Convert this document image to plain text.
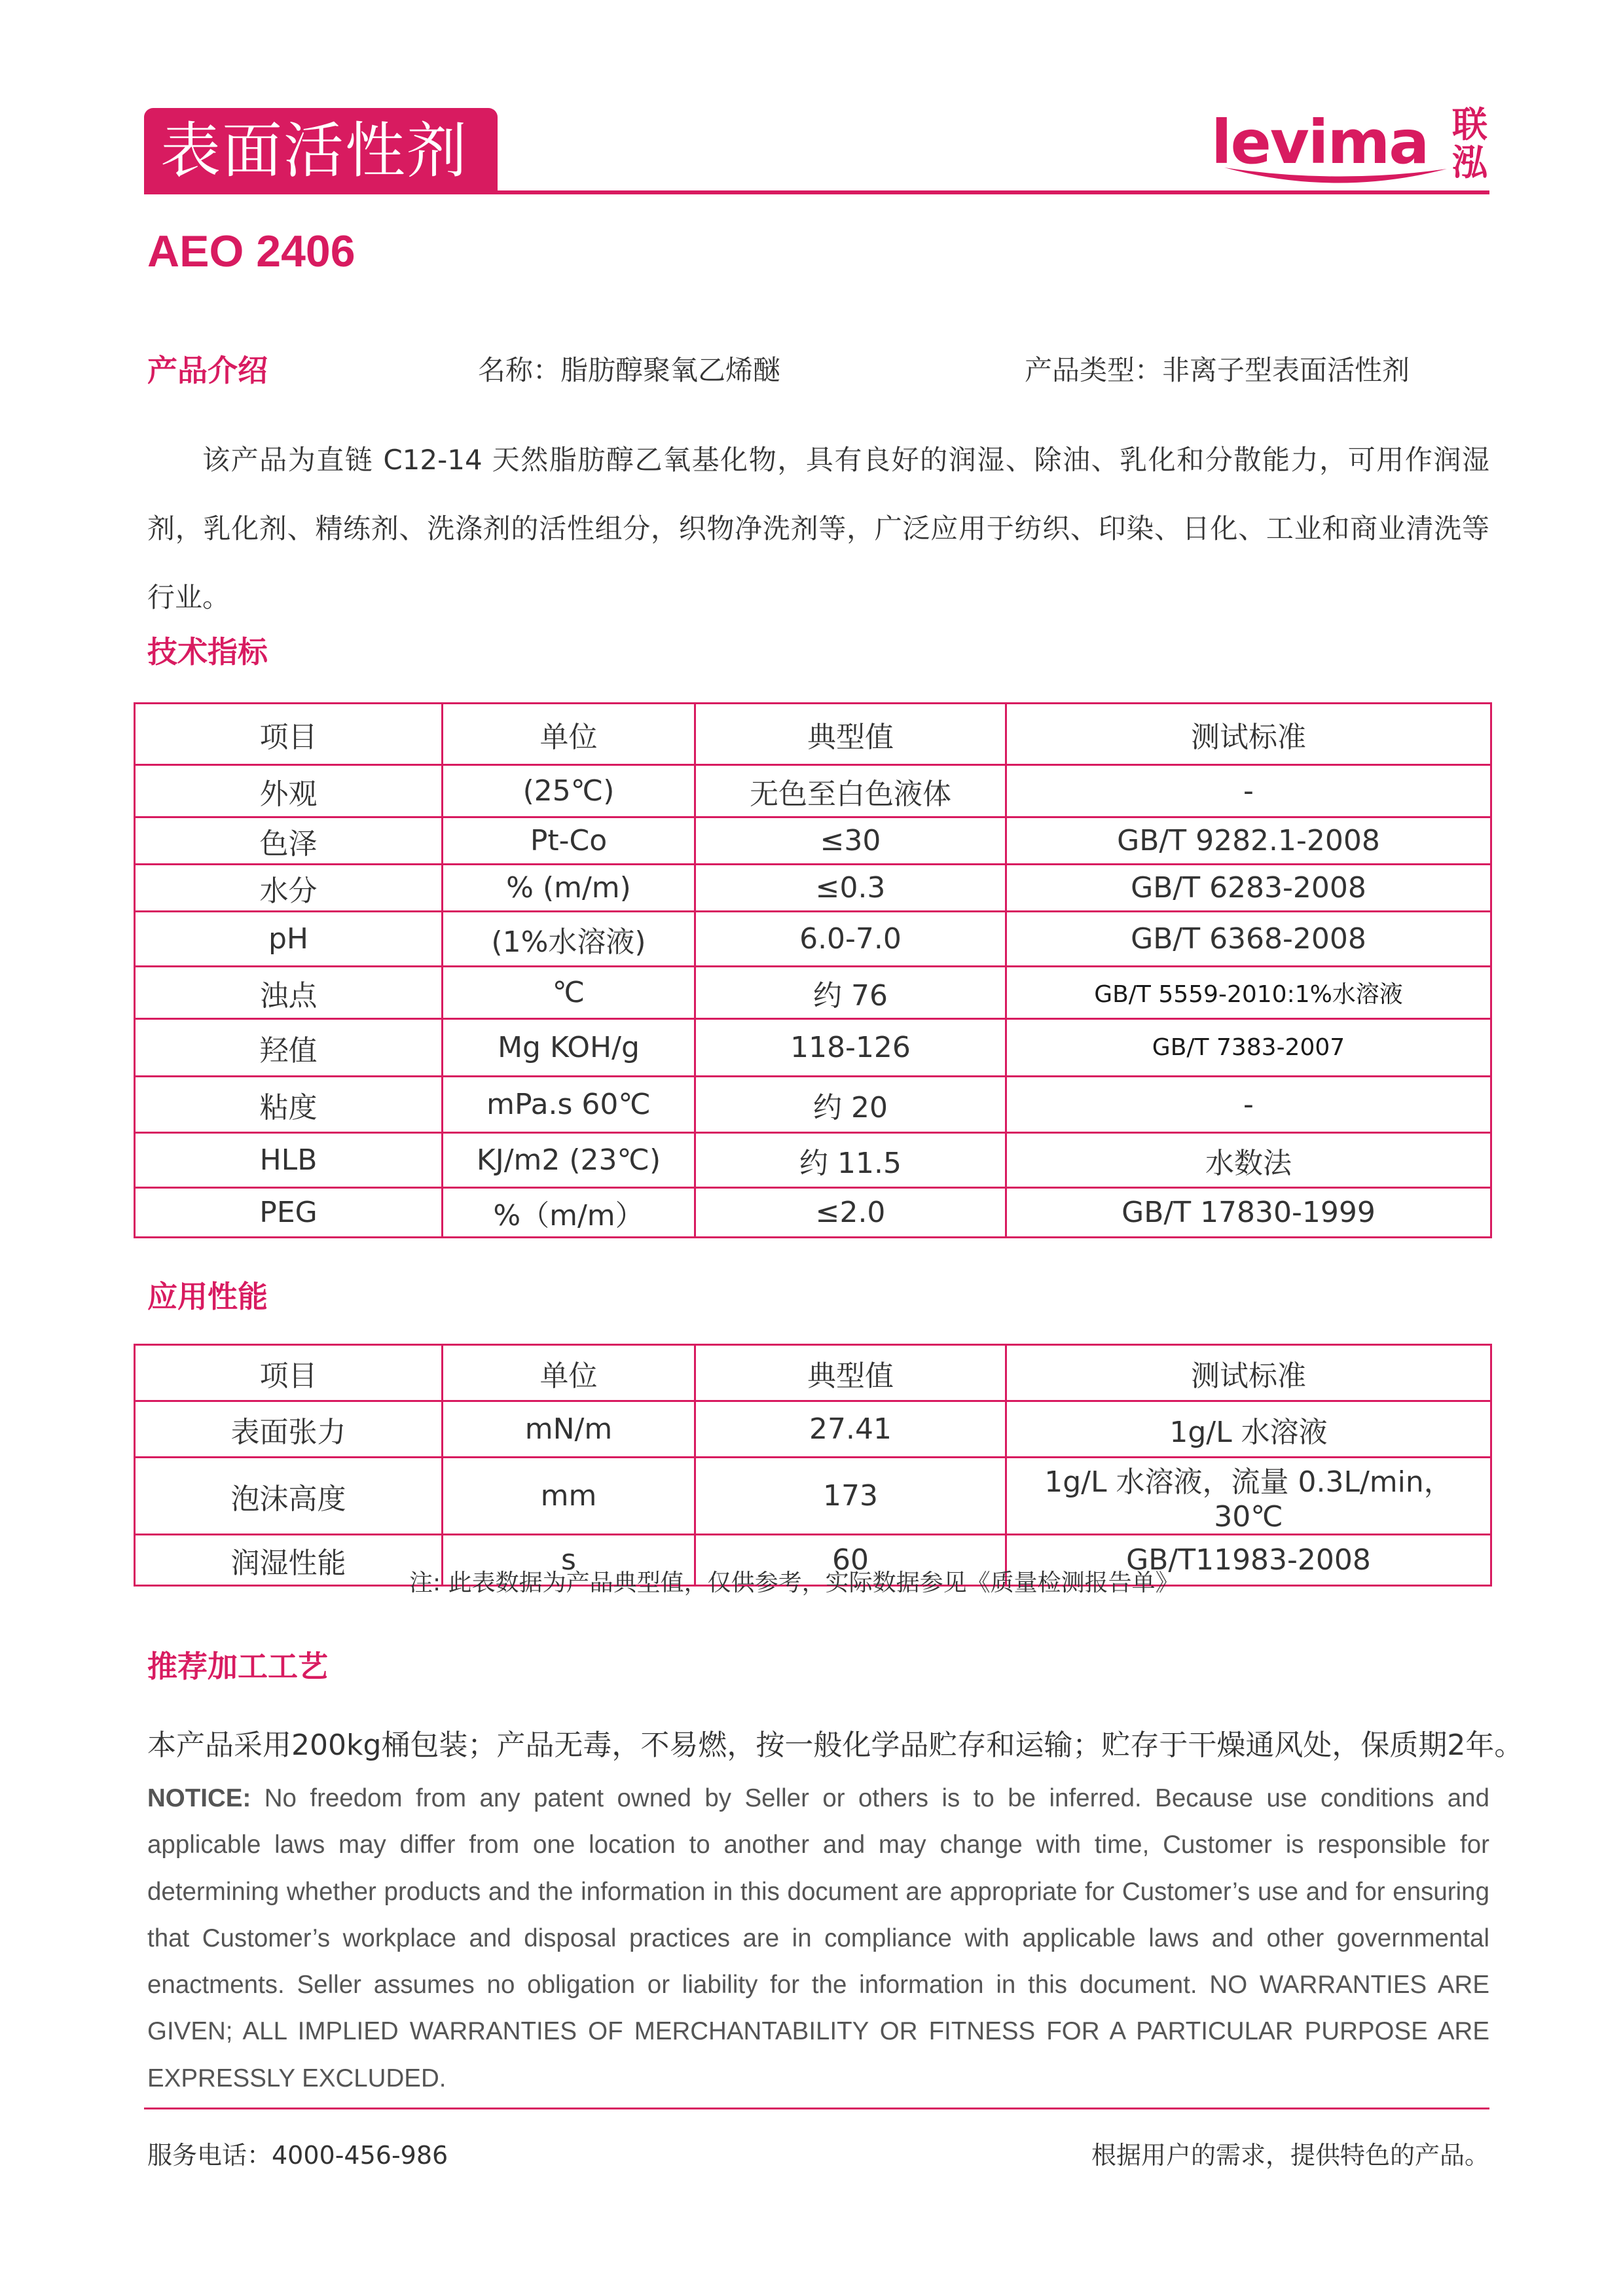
表面活性剂	levima 联泓
AEO 2406
产品介绍	名称：脂肪醇聚氧乙烯醚	产品类型：非离子型表面活性剂
该产品为直链 C12-14 天然脂肪醇乙氧基化物，具有良好的润湿、除油、乳化和分散能力，可用作润湿剂，乳化剂、精练剂、洗涤剂的活性组分，织物净洗剂等，广泛应用于纺织、印染、日化、工业和商业清洗等行业。
技术指标
项目	单位	典型值	测试标准
外观	(25℃)	无色至白色液体	-
色泽	Pt-Co	≤30	GB/T 9282.1-2008
水分	% (m/m)	≤0.3	GB/T 6283-2008
pH	(1%水溶液)	6.0-7.0	GB/T 6368-2008
浊点	℃	约 76	GB/T 5559-2010:1%水溶液
羟值	Mg KOH/g	118-126	GB/T 7383-2007
粘度	mPa.s 60℃	约 20	-
HLB	KJ/m2 (23℃)	约 11.5	水数法
PEG	%（m/m）	≤2.0	GB/T 17830-1999
应用性能
项目	单位	典型值	测试标准
表面张力	mN/m	27.41	1g/L 水溶液
泡沫高度	mm	173	1g/L 水溶液，流量 0.3L/min，30℃
润湿性能	s	60	GB/T11983-2008
注: 此表数据为产品典型值，仅供参考，实际数据参见《质量检测报告单》
推荐加工工艺
本产品采用200kg桶包装；产品无毒，不易燃，按一般化学品贮存和运输；贮存于干燥通风处，保质期2年。
NOTICE: No freedom from any patent owned by Seller or others is to be inferred. Because use conditions and applicable laws may differ from one location to another and may change with time, Customer is responsible for determining whether products and the information in this document are appropriate for Customer’s use and for ensuring that Customer’s workplace and disposal practices are in compliance with applicable laws and other governmental enactments. Seller assumes no obligation or liability for the information in this document. NO WARRANTIES ARE GIVEN; ALL IMPLIED WARRANTIES OF MERCHANTABILITY OR FITNESS FOR A PARTICULAR PURPOSE ARE EXPRESSLY EXCLUDED.
服务电话：4000-456-986	根据用户的需求，提供特色的产品。
